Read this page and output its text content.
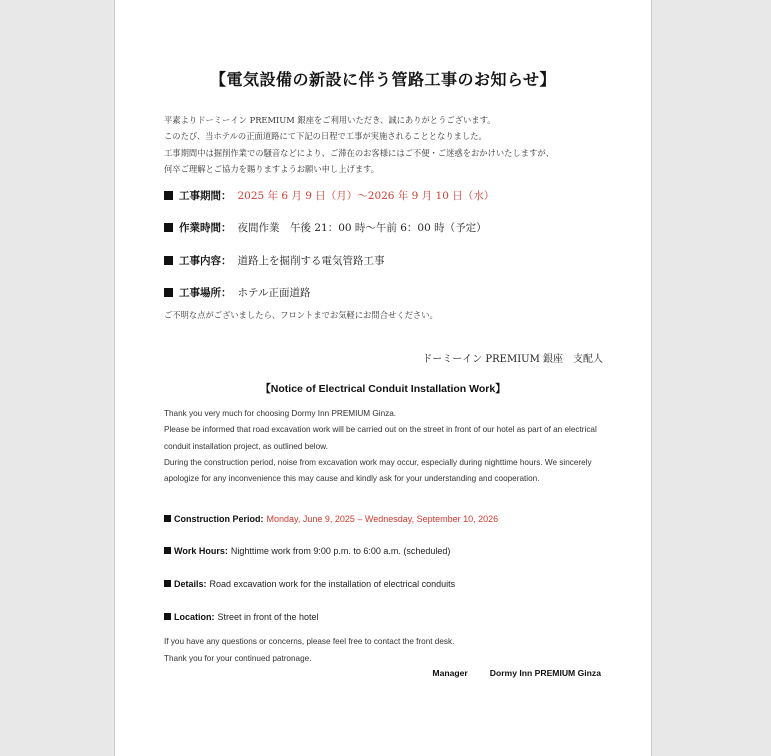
【電気設備の新設に伴う管路工事のお知らせ】
平素よりドーミーイン PREMIUM 銀座をご利用いただき、誠にありがとうございます。
このたび、当ホテルの正面道路にて下記の日程で工事が実施されることとなりました。
工事期間中は掘削作業での騒音などにより、ご滞在のお客様にはご不便・ご迷惑をおかけいたしますが、
何卒ご理解とご協力を賜りますようお願い申し上げます。
工事期間： 2025 年 6 月 9 日（月）～2026 年 9 月 10 日（水）
作業時間： 夜間作業　午後 21：00 時～午前 6：00 時（予定）
工事内容： 道路上を掘削する電気管路工事
工事場所： ホテル正面道路
ご不明な点がございましたら、フロントまでお気軽にお問合せください。
ドーミーイン PREMIUM 銀座　支配人
【Notice of Electrical Conduit Installation Work】

Thank you very much for choosing Dormy Inn PREMIUM Ginza.

Please be informed that road excavation work will be carried out on the street in front of our hotel as part of an electrical conduit installation project, as outlined below.

During the construction period, noise from excavation work may occur, especially during nighttime hours. We sincerely apologize for any inconvenience this may cause and kindly ask for your understanding and cooperation.

Construction Period: Monday, June 9, 2025 – Wednesday, September 10, 2026
Work Hours: Nighttime work from 9:00 p.m. to 6:00 a.m. (scheduled)
Details: Road excavation work for the installation of electrical conduits
Location: Street in front of the hotel

If you have any questions or concerns, please feel free to contact the front desk.

Thank you for your continued patronage.

Manager	Dormy Inn PREMIUM Ginza
